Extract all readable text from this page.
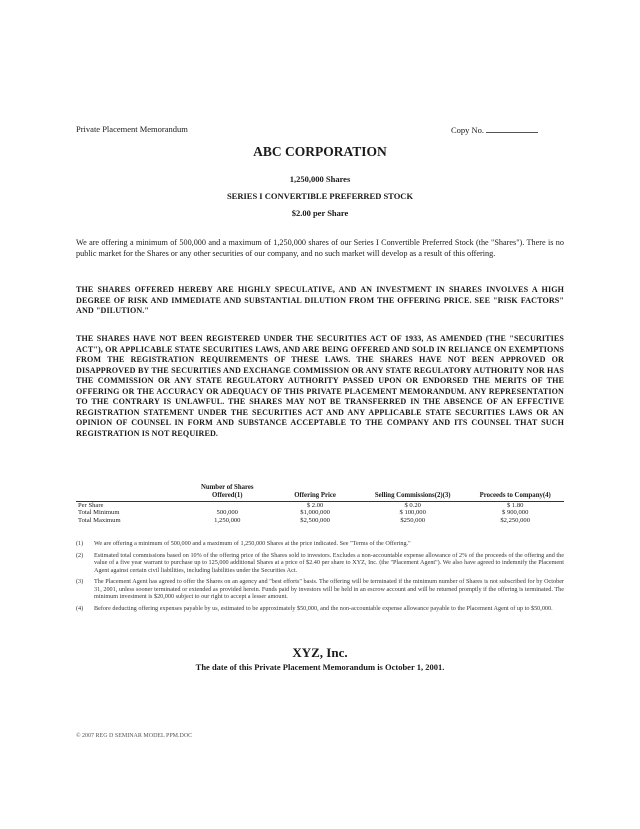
Private Placement Memorandum	Copy No.
ABC CORPORATION
1,250,000 Shares
SERIES I CONVERTIBLE PREFERRED STOCK
$2.00 per Share

We are offering a minimum of 500,000 and a maximum of 1,250,000 shares of our Series I Convertible Preferred Stock (the "Shares"). There is no public market for the Shares or any other securities of our company, and no such market will develop as a result of this offering.

THE SHARES OFFERED HEREBY ARE HIGHLY SPECULATIVE, AND AN INVESTMENT IN SHARES INVOLVES A HIGH DEGREE OF RISK AND IMMEDIATE AND SUBSTANTIAL DILUTION FROM THE OFFERING PRICE. SEE "RISK FACTORS" AND "DILUTION."

THE SHARES HAVE NOT BEEN REGISTERED UNDER THE SECURITIES ACT OF 1933, AS AMENDED (THE "SECURITIES ACT"), OR APPLICABLE STATE SECURITIES LAWS, AND ARE BEING OFFERED AND SOLD IN RELIANCE ON EXEMPTIONS FROM THE REGISTRATION REQUIREMENTS OF THESE LAWS. THE SHARES HAVE NOT BEEN APPROVED OR DISAPPROVED BY THE SECURITIES AND EXCHANGE COMMISSION OR ANY STATE REGULATORY AUTHORITY NOR HAS THE COMMISSION OR ANY STATE REGULATORY AUTHORITY PASSED UPON OR ENDORSED THE MERITS OF THE OFFERING OR THE ACCURACY OR ADEQUACY OF THIS PRIVATE PLACEMENT MEMORANDUM. ANY REPRESENTATION TO THE CONTRARY IS UNLAWFUL. THE SHARES MAY NOT BE TRANSFERRED IN THE ABSENCE OF AN EFFECTIVE REGISTRATION STATEMENT UNDER THE SECURITIES ACT AND ANY APPLICABLE STATE SECURITIES LAWS OR AN OPINION OF COUNSEL IN FORM AND SUBSTANCE ACCEPTABLE TO THE COMPANY AND ITS COUNSEL THAT SUCH REGISTRATION IS NOT REQUIRED.

	Number of Shares Offered(1)	Offering Price	Selling Commissions(2)(3)	Proceeds to Company(4)
Per Share		$ 2.00	$ 0.20	$ 1.80
Total Minimum	500,000	$1,000,000	$ 100,000	$ 900,000
Total Maximum	1,250,000	$2,500,000	$250,000	$2,250,000
(1)	We are offering a minimum of 500,000 and a maximum of 1,250,000 Shares at the price indicated. See "Terms of the Offering."
(2)	Estimated total commissions based on 10% of the offering price of the Shares sold to investors. Excludes a non-accountable expense allowance of 2% of the proceeds of the offering and the value of a five year warrant to purchase up to 125,000 additional Shares at a price of $2.40 per share to XYZ, Inc. (the "Placement Agent"). We also have agreed to indemnify the Placement Agent against certain civil liabilities, including liabilities under the Securities Act.
(3)	The Placement Agent has agreed to offer the Shares on an agency and "best efforts" basis. The offering will be terminated if the minimum number of Shares is not subscribed for by October 31, 2001, unless sooner terminated or extended as provided herein. Funds paid by investors will be held in an escrow account and will be returned promptly if the offering is terminated. The minimum investment is $20,000 subject to our right to accept a lesser amount.
(4)	Before deducting offering expenses payable by us, estimated to be approximately $50,000, and the non-accountable expense allowance payable to the Placement Agent of up to $50,000.
XYZ, Inc.
The date of this Private Placement Memorandum is October 1, 2001.
© 2007 REG D SEMINAR MODEL PPM.DOC
